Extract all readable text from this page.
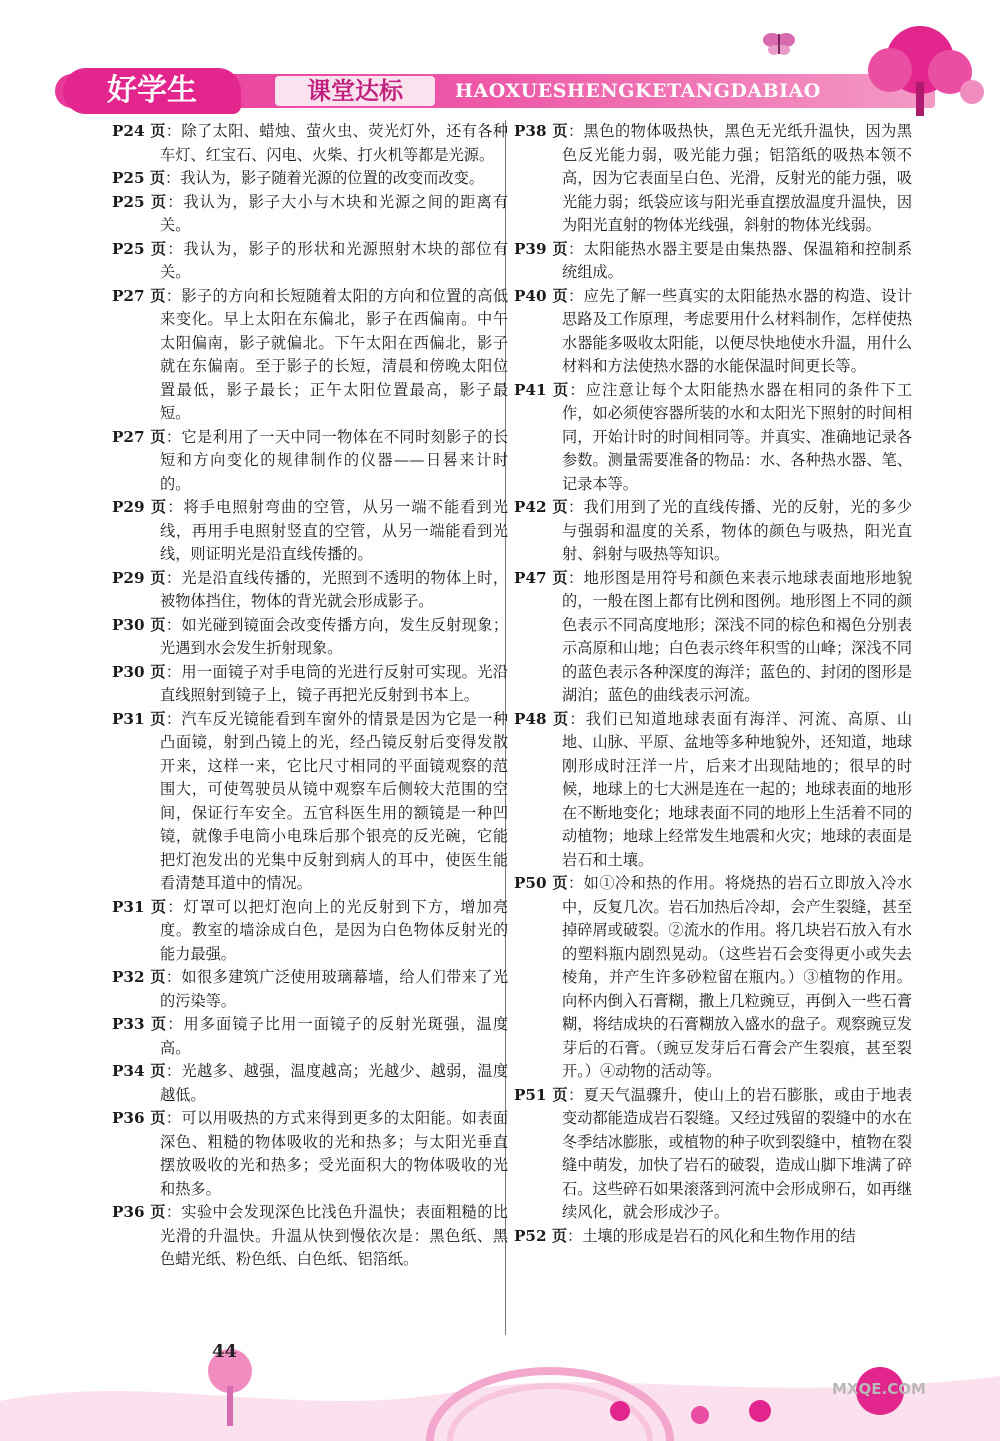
好学生	课堂达标	HAOXUESHENGKETANGDABIAO

P24 页：除了太阳、蜡烛、萤火虫、荧光灯外，还有各种车灯、红宝石、闪电、火柴、打火机等都是光源。

P25 页：我认为，影子随着光源的位置的改变而改变。

P25 页：我认为，影子大小与木块和光源之间的距离有关。

P25 页：我认为，影子的形状和光源照射木块的部位有关。

P27 页：影子的方向和长短随着太阳的方向和位置的高低来变化。早上太阳在东偏北，影子在西偏南。中午太阳偏南，影子就偏北。下午太阳在西偏北，影子就在东偏南。至于影子的长短，清晨和傍晚太阳位置最低，影子最长；正午太阳位置最高，影子最短。

P27 页：它是利用了一天中同一物体在不同时刻影子的长短和方向变化的规律制作的仪器——日晷来计时的。

P29 页：将手电照射弯曲的空管，从另一端不能看到光线，再用手电照射竖直的空管，从另一端能看到光线，则证明光是沿直线传播的。

P29 页：光是沿直线传播的，光照到不透明的物体上时，被物体挡住，物体的背光就会形成影子。

P30 页：如光碰到镜面会改变传播方向，发生反射现象；光遇到水会发生折射现象。

P30 页：用一面镜子对手电筒的光进行反射可实现。光沿直线照射到镜子上，镜子再把光反射到书本上。

P31 页：汽车反光镜能看到车窗外的情景是因为它是一种凸面镜，射到凸镜上的光，经凸镜反射后变得发散开来，这样一来，它比尺寸相同的平面镜观察的范围大，可使驾驶员从镜中观察车后侧较大范围的空间，保证行车安全。五官科医生用的额镜是一种凹镜，就像手电筒小电珠后那个银亮的反光碗，它能把灯泡发出的光集中反射到病人的耳中，使医生能看清楚耳道中的情况。

P31 页：灯罩可以把灯泡向上的光反射到下方，增加亮度。教室的墙涂成白色，是因为白色物体反射光的能力最强。

P32 页：如很多建筑广泛使用玻璃幕墙，给人们带来了光的污染等。

P33 页：用多面镜子比用一面镜子的反射光斑强，温度高。

P34 页：光越多、越强，温度越高；光越少、越弱，温度越低。

P36 页：可以用吸热的方式来得到更多的太阳能。如表面深色、粗糙的物体吸收的光和热多；与太阳光垂直摆放吸收的光和热多；受光面积大的物体吸收的光和热多。

P36 页：实验中会发现深色比浅色升温快；表面粗糙的比光滑的升温快。升温从快到慢依次是：黑色纸、黑色蜡光纸、粉色纸、白色纸、铝箔纸。

P38 页：黑色的物体吸热快，黑色无光纸升温快，因为黑色反光能力弱，吸光能力强；铝箔纸的吸热本领不高，因为它表面呈白色、光滑，反射光的能力强，吸光能力弱；纸袋应该与阳光垂直摆放温度升温快，因为阳光直射的物体光线强，斜射的物体光线弱。

P39 页：太阳能热水器主要是由集热器、保温箱和控制系统组成。

P40 页：应先了解一些真实的太阳能热水器的构造、设计思路及工作原理，考虑要用什么材料制作，怎样使热水器能多吸收太阳能，以便尽快地使水升温，用什么材料和方法使热水器的水能保温时间更长等。

P41 页：应注意让每个太阳能热水器在相同的条件下工作，如必须使容器所装的水和太阳光下照射的时间相同，开始计时的时间相同等。并真实、准确地记录各参数。测量需要准备的物品：水、各种热水器、笔、记录本等。

P42 页：我们用到了光的直线传播、光的反射，光的多少与强弱和温度的关系，物体的颜色与吸热，阳光直射、斜射与吸热等知识。

P47 页：地形图是用符号和颜色来表示地球表面地形地貌的，一般在图上都有比例和图例。地形图上不同的颜色表示不同高度地形；深浅不同的棕色和褐色分别表示高原和山地；白色表示终年积雪的山峰；深浅不同的蓝色表示各种深度的海洋；蓝色的、封闭的图形是湖泊；蓝色的曲线表示河流。

P48 页：我们已知道地球表面有海洋、河流、高原、山地、山脉、平原、盆地等多种地貌外，还知道，地球刚形成时汪洋一片，后来才出现陆地的；很早的时候，地球上的七大洲是连在一起的；地球表面的地形在不断地变化；地球表面不同的地形上生活着不同的动植物；地球上经常发生地震和火灾；地球的表面是岩石和土壤。

P50 页：如①冷和热的作用。将烧热的岩石立即放入冷水中，反复几次。岩石加热后冷却，会产生裂缝，甚至掉碎屑或破裂。②流水的作用。将几块岩石放入有水的塑料瓶内剧烈晃动。（这些岩石会变得更小或失去棱角，并产生许多砂粒留在瓶内。）③植物的作用。向杯内倒入石膏糊，撒上几粒豌豆，再倒入一些石膏糊，将结成块的石膏糊放入盛水的盘子。观察豌豆发芽后的石膏。（豌豆发芽后石膏会产生裂痕，甚至裂开。）④动物的活动等。

P51 页：夏天气温骤升，使山上的岩石膨胀，或由于地表变动都能造成岩石裂缝。又经过残留的裂缝中的水在冬季结冰膨胀，或植物的种子吹到裂缝中，植物在裂缝中萌发，加快了岩石的破裂，造成山脚下堆满了碎石。这些碎石如果滚落到河流中会形成卵石，如再继续风化，就会形成沙子。

P52 页：土壤的形成是岩石的风化和生物作用的结

44
MXQE.COM
